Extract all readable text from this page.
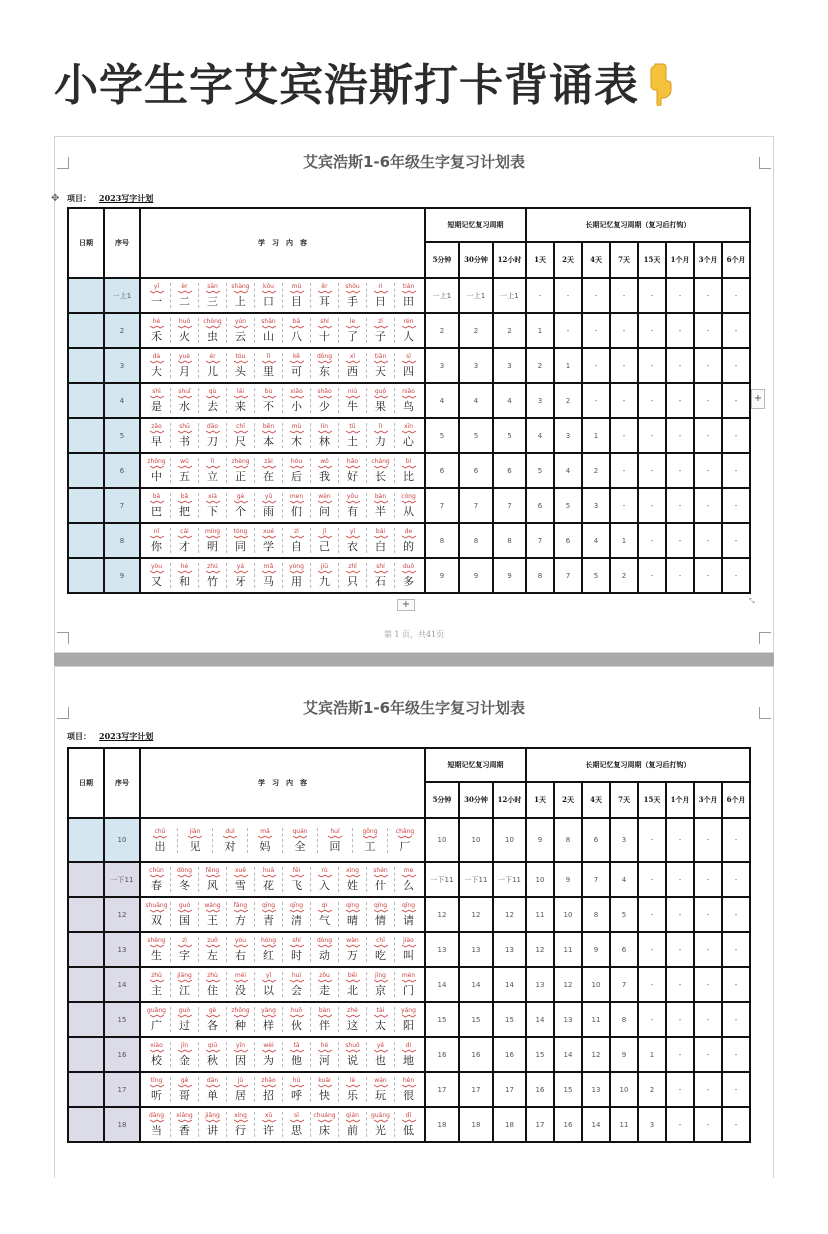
小学生字艾宾浩斯打卡背诵表
艾宾浩斯1-6年级生字复习计划表
✥ 项目： 2023写字计划
日期	序号	学　习　内　容	短期记忆复习周期			长期记忆复习周期（复习后打钩）							
			5分钟	30分钟	12小时	1天	2天	4天	7天	15天	1个月	3个月	6个月
	一上1	
yī
一
èr
二
sān
三
shàng
上
kǒu
口
mù
目
ěr
耳
shǒu
手
rì
日
tián
田	一上1	一上1	一上1	-	-	-	-	-	-	-	-
	2	
hé
禾
huǒ
火
chóng
虫
yún
云
shān
山
bā
八
shí
十
le
了
zǐ
子
rén
人	2	2	2	1	-	-	-	-	-	-	-
	3	
dà
大
yuè
月
ér
儿
tóu
头
lǐ
里
kě
可
dōng
东
xī
西
tiān
天
sì
四	3	3	3	2	1	-	-	-	-	-	-
	4	
shì
是
shuǐ
水
qù
去
lái
来
bù
不
xiǎo
小
shǎo
少
niú
牛
guǒ
果
niǎo
鸟	4	4	4	3	2	-	-	-	-	-	-
	5	
zǎo
早
shū
书
dāo
刀
chǐ
尺
běn
本
mù
木
lín
林
tǔ
土
lì
力
xīn
心	5	5	5	4	3	1	-	-	-	-	-
	6	
zhōng
中
wǔ
五
lì
立
zhèng
正
zài
在
hòu
后
wǒ
我
hǎo
好
cháng
长
bǐ
比	6	6	6	5	4	2	-	-	-	-	-
	7	
bā
巴
bǎ
把
xià
下
gè
个
yǔ
雨
men
们
wèn
问
yǒu
有
bàn
半
cóng
从	7	7	7	6	5	3	-	-	-	-	-
	8	
nǐ
你
cái
才
míng
明
tóng
同
xué
学
zì
自
jǐ
己
yī
衣
bái
白
de
的	8	8	8	7	6	4	1	-	-	-	-
	9	
yòu
又
hé
和
zhú
竹
yá
牙
mǎ
马
yòng
用
jiǔ
九
zhǐ
只
shí
石
duō
多	9	9	9	8	7	5	2	-	-	-	-
+
+
⤡
第 1 页，共41页
艾宾浩斯1-6年级生字复习计划表
项目： 2023写字计划
日期	序号	学　习　内　容	短期记忆复习周期			长期记忆复习周期（复习后打钩）							
			5分钟	30分钟	12小时	1天	2天	4天	7天	15天	1个月	3个月	6个月
	10	
chū
出
jiàn
见
duì
对
mā
妈
quán
全
huí
回
gōng
工
chǎng
厂	10	10	10	9	8	6	3	-	-	-	-
	一下11	
chūn
春
dōng
冬
fēng
风
xuě
雪
huā
花
fēi
飞
rù
入
xìng
姓
shén
什
me
么	一下11	一下11	一下11	10	9	7	4	-	-	-	-
	12	
shuāng
双
guó
国
wáng
王
fāng
方
qīng
青
qīng
清
qì
气
qíng
晴
qíng
情
qǐng
请	12	12	12	11	10	8	5	-	-	-	-
	13	
shēng
生
zì
字
zuǒ
左
yòu
右
hóng
红
shí
时
dòng
动
wàn
万
chī
吃
jiào
叫	13	13	13	12	11	9	6	-	-	-	-
	14	
zhǔ
主
jiāng
江
zhù
住
méi
没
yǐ
以
huì
会
zǒu
走
běi
北
jīng
京
mén
门	14	14	14	13	12	10	7	-	-	-	-
	15	
guǎng
广
guò
过
gè
各
zhǒng
种
yàng
样
huǒ
伙
bàn
伴
zhè
这
tài
太
yáng
阳	15	15	15	14	13	11	8	-	-	-	-
	16	
xiào
校
jīn
金
qiū
秋
yīn
因
wèi
为
tā
他
hé
河
shuō
说
yě
也
dì
地	16	16	16	15	14	12	9	1	-	-	-
	17	
tīng
听
gē
哥
dān
单
jū
居
zhāo
招
hū
呼
kuài
快
lè
乐
wán
玩
hěn
很	17	17	17	16	15	13	10	2	-	-	-
	18	
dāng
当
xiāng
香
jiǎng
讲
xíng
行
xǔ
许
sī
思
chuáng
床
qián
前
guāng
光
dī
低	18	18	18	17	16	14	11	3	-	-	-
